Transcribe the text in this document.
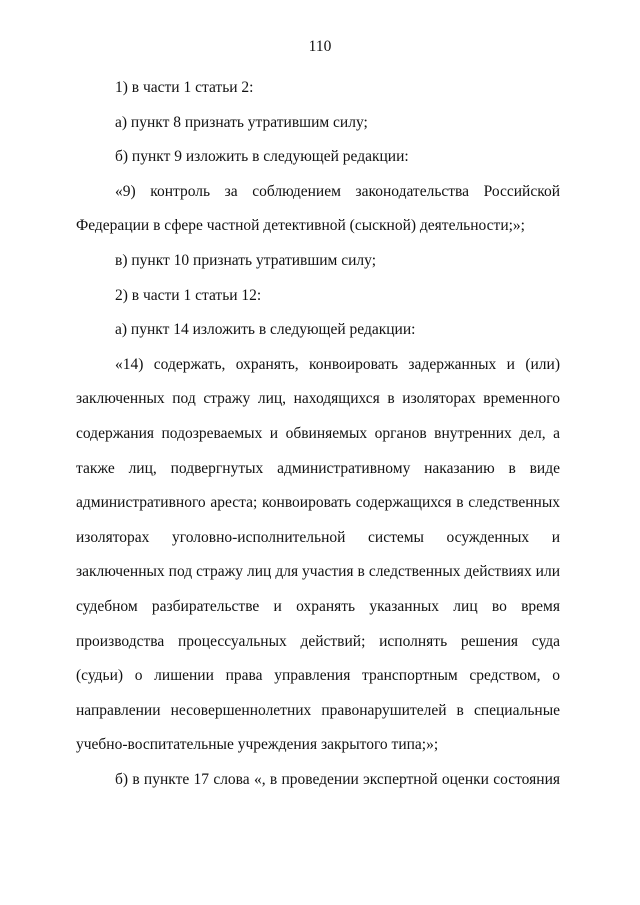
110

1) в части 1 статьи 2:

а) пункт 8 признать утратившим силу;

б) пункт 9 изложить в следующей редакции:

«9) контроль за соблюдением законодательства Российской Федерации в сфере частной детективной (сыскной) деятельности;»;

в) пункт 10 признать утратившим силу;

2) в части 1 статьи 12:

а) пункт 14 изложить в следующей редакции:

«14) содержать, охранять, конвоировать задержанных и (или) заключенных под стражу лиц, находящихся в изоляторах временного содержания подозреваемых и обвиняемых органов внутренних дел, а также лиц, подвергнутых административному наказанию в виде административного ареста; конвоировать содержащихся в следственных изоляторах уголовно-исполнительной системы осужденных и заключенных под стражу лиц для участия в следственных действиях или судебном разбирательстве и охранять указанных лиц во время производства процессуальных действий; исполнять решения суда (судьи) о лишении права управления транспортным средством, о направлении несовершеннолетних правонарушителей в специальные учебно-воспитательные учреждения закрытого типа;»;

б) в пункте 17 слова «, в проведении экспертной оценки состояния
